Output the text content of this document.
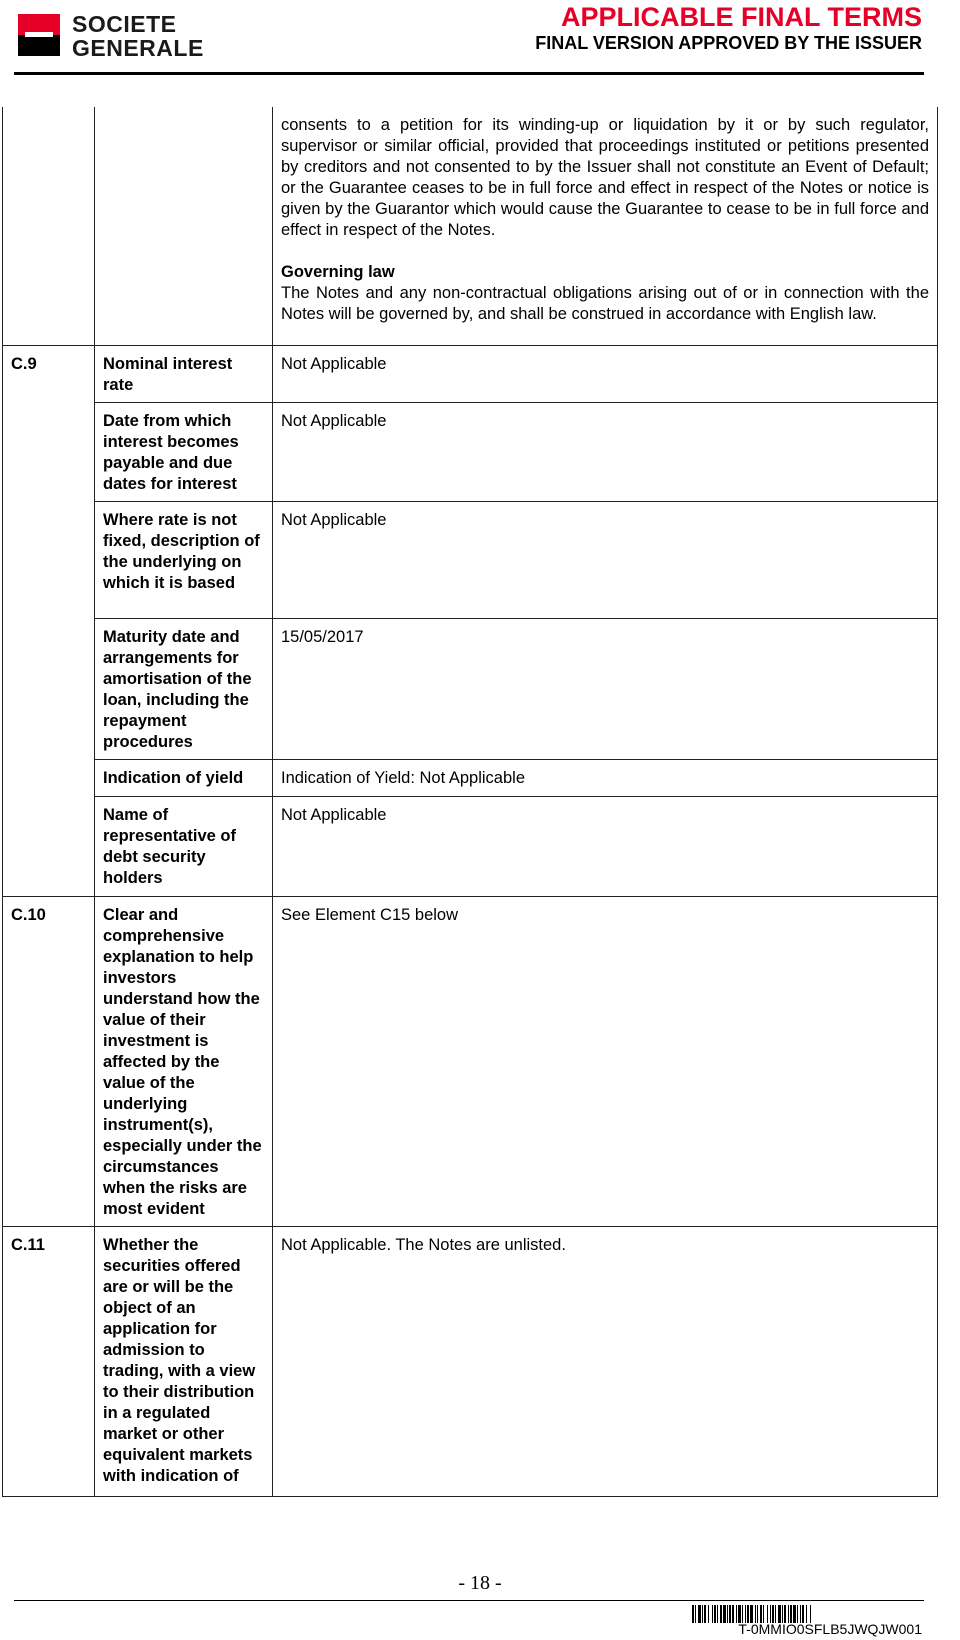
SOCIETE
GENERALE
APPLICABLE FINAL TERMS
FINAL VERSION APPROVED BY THE ISSUER

		consents to a petition for its winding-up or liquidation by it or by such regulator, supervisor or similar official, provided that proceedings instituted or petitions presented by creditors and not consented to by the Issuer shall not constitute an Event of Default; or the Guarantee ceases to be in full force and effect in respect of the Notes or notice is given by the Guarantor which would cause the Guarantee to cease to be in full force and effect in respect of the Notes.

Governing law

The Notes and any non-contractual obligations arising out of or in connection with the Notes will be governed by, and shall be construed in accordance with English law.

C.9	Nominal interest rate	Not Applicable
	Date from which interest becomes payable and due dates for interest	Not Applicable
	Where rate is not fixed, description of the underlying on which it is based	Not Applicable
	Maturity date and arrangements for amortisation of the loan, including the repayment procedures	15/05/2017
	Indication of yield	Indication of Yield: Not Applicable
	Name of representative of debt security holders	Not Applicable
C.10	Clear and comprehensive explanation to help investors understand how the value of their investment is affected by the value of the underlying instrument(s), especially under the circumstances when the risks are most evident	See Element C15 below
C.11	Whether the securities offered are or will be the object of an application for admission to trading, with a view to their distribution in a regulated market or other equivalent markets with indication of	Not Applicable. The Notes are unlisted.
- 18 -
T-0MMIO0SFLB5JWQJW001
